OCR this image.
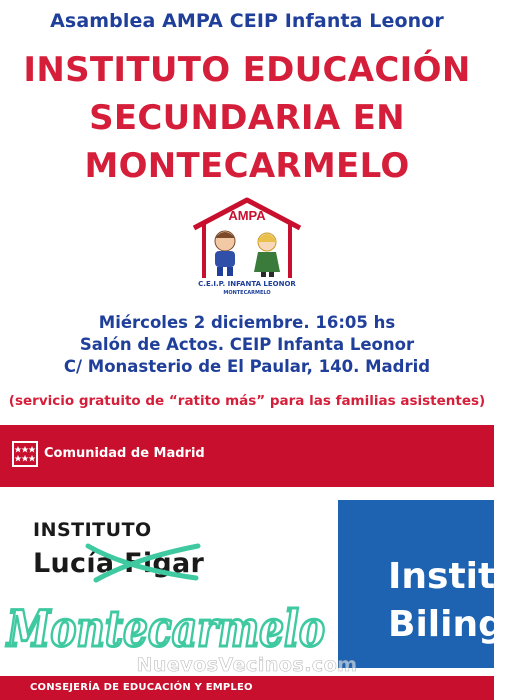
Asamblea AMPA CEIP Infanta Leonor
INSTITUTO EDUCACIÓN
SECUNDARIA EN
MONTECARMELO
AMPA
C.E.I.P. INFANTA LEONOR
MONTECARMELO
Miércoles 2 diciembre. 16:05 hs
Salón de Actos. CEIP Infanta Leonor
C/ Monasterio de El Paular, 140. Madrid
(servicio gratuito de “ratito más” para las familias asistentes)
Comunidad de Madrid
INSTITUTO
Lucía Figar
Montecarmelo
Institu
Biling
CONSEJERÍA DE EDUCACIÓN Y EMPLEO
NuevosVecinos.com
